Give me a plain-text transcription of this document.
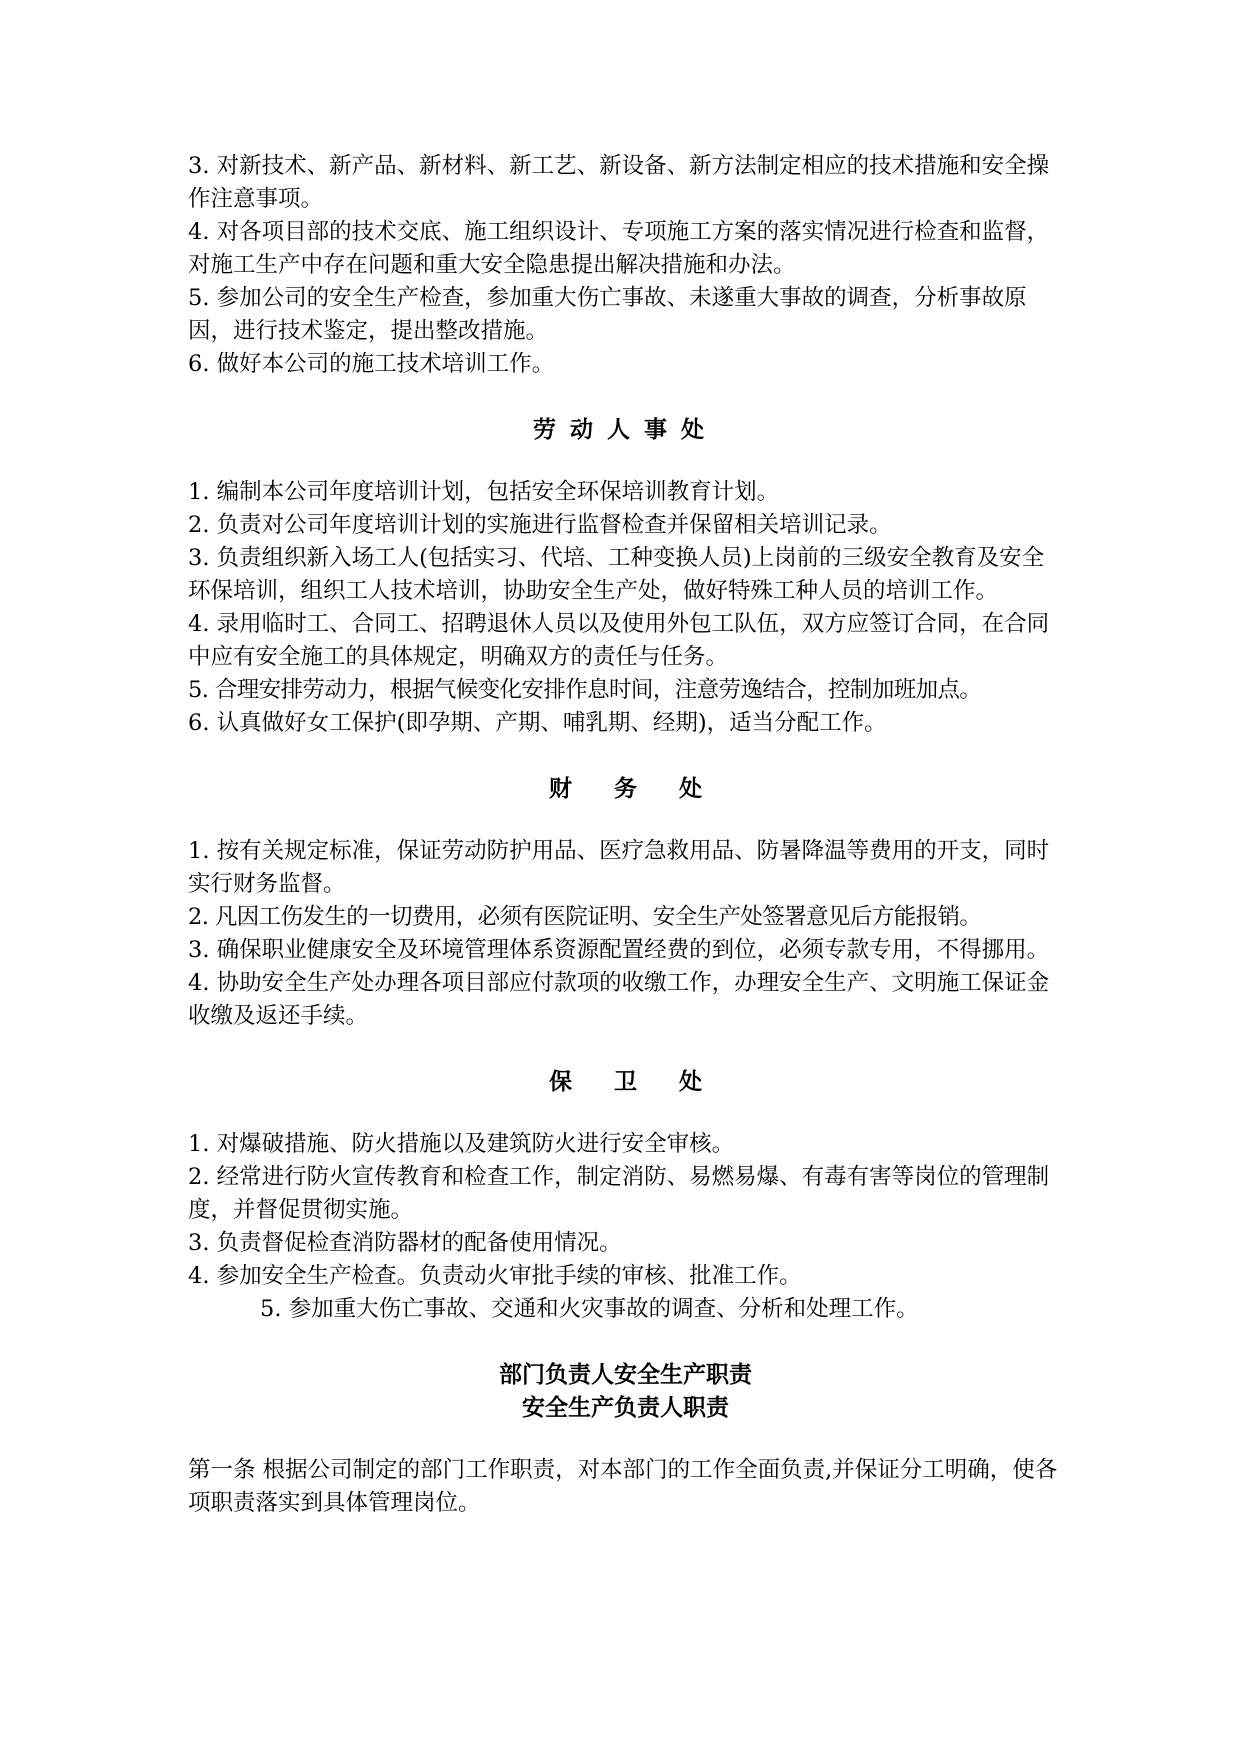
3. 对新技术、新产品、新材料、新工艺、新设备、新方法制定相应的技术措施和安全操作注意事项。

4. 对各项目部的技术交底、施工组织设计、专项施工方案的落实情况进行检查和监督，对施工生产中存在问题和重大安全隐患提出解决措施和办法。

5. 参加公司的安全生产检查，参加重大伤亡事故、未遂重大事故的调查，分析事故原因，进行技术鉴定，提出整改措施。

6. 做好本公司的施工技术培训工作。

劳动人事处

1. 编制本公司年度培训计划，包括安全环保培训教育计划。

2. 负责对公司年度培训计划的实施进行监督检查并保留相关培训记录。

3. 负责组织新入场工人(包括实习、代培、工种变换人员)上岗前的三级安全教育及安全环保培训，组织工人技术培训，协助安全生产处，做好特殊工种人员的培训工作。

4. 录用临时工、合同工、招聘退休人员以及使用外包工队伍，双方应签订合同，在合同中应有安全施工的具体规定，明确双方的责任与任务。

5. 合理安排劳动力，根据气候变化安排作息时间，注意劳逸结合，控制加班加点。

6. 认真做好女工保护(即孕期、产期、哺乳期、经期)，适当分配工作。

财务处

1. 按有关规定标准，保证劳动防护用品、医疗急救用品、防暑降温等费用的开支，同时实行财务监督。

2. 凡因工伤发生的一切费用，必须有医院证明、安全生产处签署意见后方能报销。

3. 确保职业健康安全及环境管理体系资源配置经费的到位，必须专款专用，不得挪用。

4. 协助安全生产处办理各项目部应付款项的收缴工作，办理安全生产、文明施工保证金收缴及返还手续。

保卫处

1. 对爆破措施、防火措施以及建筑防火进行安全审核。

2. 经常进行防火宣传教育和检查工作，制定消防、易燃易爆、有毒有害等岗位的管理制度，并督促贯彻实施。

3. 负责督促检查消防器材的配备使用情况。

4. 参加安全生产检查。负责动火审批手续的审核、批准工作。

5. 参加重大伤亡事故、交通和火灾事故的调查、分析和处理工作。

部门负责人安全生产职责
安全生产负责人职责

第一条 根据公司制定的部门工作职责，对本部门的工作全面负责,并保证分工明确，使各项职责落实到具体管理岗位。
